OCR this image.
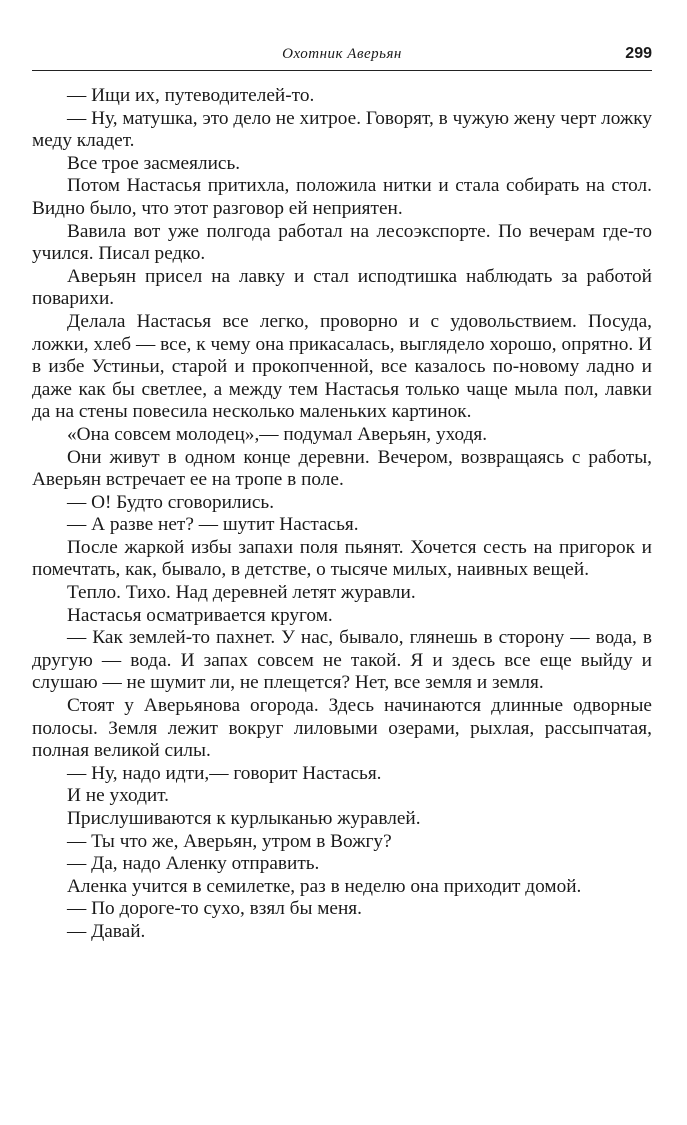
Охотник Аверьян	299

— Ищи их, путеводителей-то.

— Ну, матушка, это дело не хитрое. Говорят, в чужую жену черт ложку меду кладет.

Все трое засмеялись.

Потом Настасья притихла, положила нитки и стала собирать на стол. Видно было, что этот разговор ей неприятен.

Вавила вот уже полгода работал на лесоэкспорте. По вечерам где-то учился. Писал редко.

Аверьян присел на лавку и стал исподтишка наблюдать за работой поварихи.

Делала Настасья все легко, проворно и с удовольствием. Посуда, ложки, хлеб — все, к чему она прикасалась, выглядело хорошо, опрятно. И в избе Устиньи, старой и прокопченной, все казалось по-новому ладно и даже как бы светлее, а между тем Настасья только чаще мыла пол, лавки да на стены повесила несколько маленьких картинок.

«Она совсем молодец»,— подумал Аверьян, уходя.

Они живут в одном конце деревни. Вечером, возвращаясь с работы, Аверьян встречает ее на тропе в поле.

— О! Будто сговорились.

— А разве нет? — шутит Настасья.

После жаркой избы запахи поля пьянят. Хочется сесть на пригорок и помечтать, как, бывало, в детстве, о тысяче милых, наивных вещей.

Тепло. Тихо. Над деревней летят журавли.

Настасья осматривается кругом.

— Как землей-то пахнет. У нас, бывало, глянешь в сторону — вода, в другую — вода. И запах совсем не такой. Я и здесь все еще выйду и слушаю — не шумит ли, не плещется? Нет, все земля и земля.

Стоят у Аверьянова огорода. Здесь начинаются длинные одворные полосы. Земля лежит вокруг лиловыми озерами, рыхлая, рассыпчатая, полная великой силы.

— Ну, надо идти,— говорит Настасья.

И не уходит.

Прислушиваются к курлыканью журавлей.

— Ты что же, Аверьян, утром в Вожгу?

— Да, надо Аленку отправить.

Аленка учится в семилетке, раз в неделю она приходит домой.

— По дороге-то сухо, взял бы меня.

— Давай.
